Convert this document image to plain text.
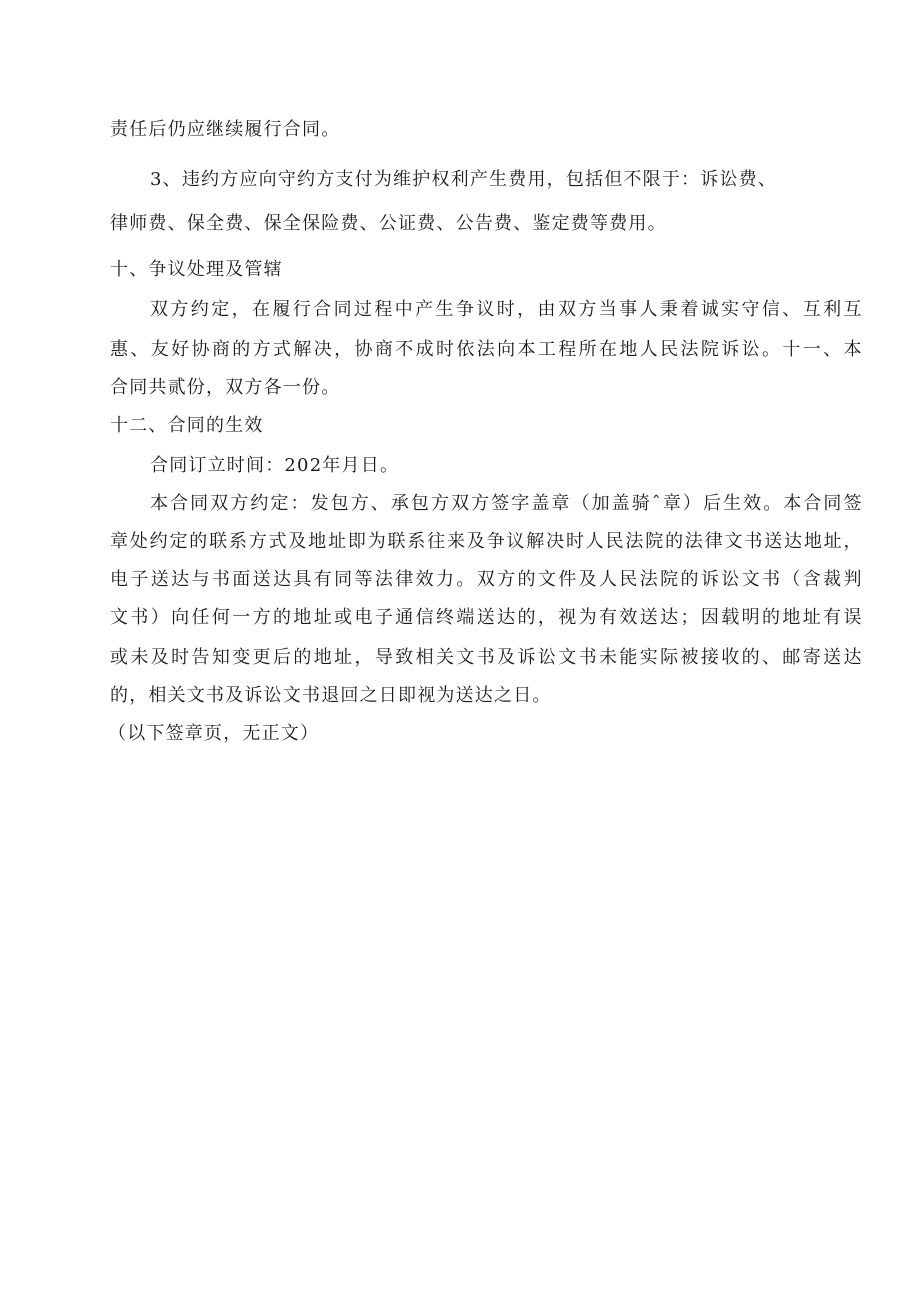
责任后仍应继续履行合同。
3、违约方应向守约方支付为维护权利产生费用，包括但不限于：诉讼费、
律师费、保全费、保全保险费、公证费、公告费、鉴定费等费用。
十、争议处理及管辖
双方约定，在履行合同过程中产生争议时，由双方当事人秉着诚实守信、互利互
惠、友好协商的方式解决，协商不成时依法向本工程所在地人民法院诉讼。十一、本
合同共贰份，双方各一份。
十二、合同的生效
合同订立时间：202年月日。
本合同双方约定：发包方、承包方双方签字盖章（加盖骑ˆ章）后生效。本合同签
章处约定的联系方式及地址即为联系往来及争议解决时人民法院的法律文书送达地址，
电子送达与书面送达具有同等法律效力。双方的文件及人民法院的诉讼文书（含裁判
文书）向任何一方的地址或电子通信终端送达的，视为有效送达；因载明的地址有误
或未及时告知变更后的地址，导致相关文书及诉讼文书未能实际被接收的、邮寄送达
的，相关文书及诉讼文书退回之日即视为送达之日。
（以下签章页，无正文）
